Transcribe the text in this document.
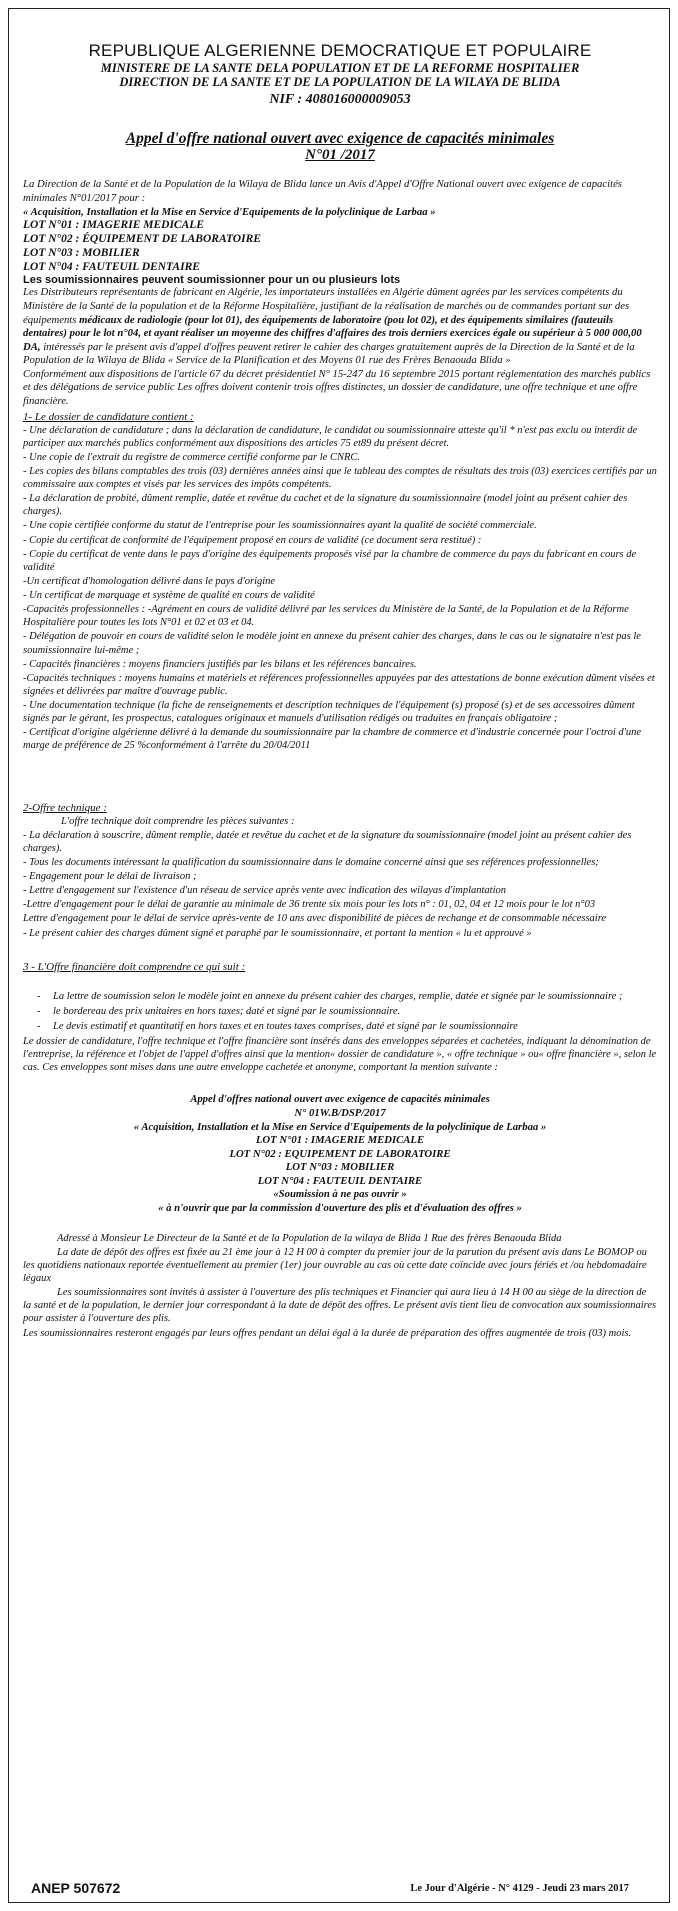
REPUBLIQUE ALGERIENNE DEMOCRATIQUE ET POPULAIRE
MINISTERE DE LA SANTE DELA POPULATION ET DE LA REFORME HOSPITALIER
DIRECTION DE LA SANTE ET DE LA POPULATION DE LA WILAYA DE BLIDA
NIF : 408016000009053
Appel d'offre national ouvert avec exigence de capacités minimales
N°01 /2017

La Direction de la Santé et de la Population de la Wilaya de Blida lance un Avis d'Appel d'Offre National ouvert avec exigence de capacités minimales N°01/2017 pour :

« Acquisition, Installation et la Mise en Service d'Equipements de la polyclinique de Larbaa »

LOT N°01 : IMAGERIE MEDICALE
LOT N°02 : ÉQUIPEMENT DE LABORATOIRE
LOT N°03 : MOBILIER
LOT N°04 : FAUTEUIL DENTAIRE
Les soumissionnaires peuvent soumissionner pour un ou plusieurs lots

Les Distributeurs représentants de fabricant en Algérie, les importateurs installées en Algérie dûment agrées par les services compétents du Ministère de la Santé de la population et de la Réforme Hospitalière, justifiant de la réalisation de marchés ou de commandes portant sur des équipements médicaux de radiologie (pour lot 01), des équipements de laboratoire (pou lot 02), et des équipements similaires (fauteuils dentaires) pour le lot n°04, et ayant réaliser un moyenne des chiffres d'affaires des trois derniers exercices égale ou supérieur à 5 000 000,00 DA, intéressés par le présent avis d'appel d'offres peuvent retirer le cahier des charges gratuitement auprès de la Direction de la Santé et de la Population de la Wilaya de Blida « Service de la Planification et des Moyens 01 rue des Frères Benaouda Blida »

Conformément aux dispositions de l'article 67 du décret présidentiel N° 15-247 du 16 septembre 2015 portant réglementation des marchés publics et des délégations de service public Les offres doivent contenir trois offres distinctes, un dossier de candidature, une offre technique et une offre financière.

1- Le dossier de candidature contient :

- Une déclaration de candidature ; dans la déclaration de candidature, le candidat ou soumissionnaire atteste qu'il * n'est pas exclu ou interdit de participer aux marchés publics conformément aux dispositions des articles 75 et89 du présent décret.

- Une copie de l'extrait du registre de commerce certifié conforme par le CNRC.

- Les copies des bilans comptables des trois (03) dernières années ainsi que le tableau des comptes de résultats des trois (03) exercices certifiés par un commissaire aux comptes et visés par les services des impôts compétents.

- La déclaration de probité, dûment remplie, datée et revêtue du cachet et de la signature du soumissionnaire (model joint au présent cahier des charges).

- Une copie certifiée conforme du statut de l'entreprise pour les soumissionnaires ayant la qualité de société commerciale.

- Copie du certificat de conformité de l'équipement proposé en cours de validité (ce document sera restitué) :

- Copie du certificat de vente dans le pays d'origine des équipements proposés visé par la chambre de commerce du pays du fabricant en cours de validité

-Un certificat d'homologation délivré dans le pays d'origine

- Un certificat de marquage et système de qualité en cours de validité

-Capacités professionnelles : -Agrément en cours de validité délivré par les services du Ministère de la Santé, de la Population et de la Réforme Hospitalière pour toutes les lots N°01 et 02 et 03 et 04.

- Délégation de pouvoir en cours de validité selon le modèle joint en annexe du présent cahier des charges, dans le cas ou le signataire n'est pas le soumissionnaire lui-même ;

- Capacités financières : moyens financiers justifiés par les bilans et les références bancaires.

-Capacités techniques : moyens humains et matériels et références professionnelles appuyées par des attestations de bonne exécution dûment visées et signées et délivrées par maître d'ouvrage public.

- Une documentation technique (la fiche de renseignements et description techniques de l'équipement (s) proposé (s) et de ses accessoires dûment signés par le gérant, les prospectus, catalogues originaux et manuels d'utilisation rédigés ou traduites en français obligatoire ;

- Certificat d'origine algérienne délivré à la demande du soumissionnaire par la chambre de commerce et d'industrie concernée pour l'octroi d'une marge de préférence de 25 %conformément à l'arrête du 20/04/2011

2-Offre technique :

L'offre technique doit comprendre les pièces suivantes :

- La déclaration à souscrire, dûment remplie, datée et revêtue du cachet et de la signature du soumissionnaire (model joint au présent cahier des charges).

- Tous les documents intéressant la qualification du soumissionnaire dans le domaine concerné ainsi que ses références professionnelles;

- Engagement pour le délai de livraison ;

- Lettre d'engagement sur l'existence d'un réseau de service après vente avec indication des wilayas d'implantation

-Lettre d'engagement pour le délai de garantie au minimale de 36 trente six mois pour les lots n° : 01, 02, 04 et 12 mois pour le lot n°03

Lettre d'engagement pour le délai de service après-vente de 10 ans avec disponibilité de pièces de rechange et de consommable nécessaire

- Le présent cahier des charges dûment signé et paraphé par le soumissionnaire, et portant la mention « lu et approuvé »

3 - L'Offre financière doit comprendre ce qui suit :

- La lettre de soumission selon le modèle joint en annexe du présent cahier des charges, remplie, datée et signée par le soumissionnaire ;

- le bordereau des prix unitaires en hors taxes; daté et signé par le soumissionnaire.

- Le devis estimatif et quantitatif en hors taxes et en toutes taxes comprises, daté et signé par le soumissionnaire

Le dossier de candidature, l'offre technique et l'offre financière sont insérés dans des enveloppes séparées et cachetées, indiquant la dénomination de l'entreprise, la référence et l'objet de l'appel d'offres ainsi que la mention« dossier de candidature », « offre technique » ou« offre financière », selon le cas. Ces enveloppes sont mises dans une autre enveloppe cachetée et anonyme, comportant la mention suivante :

Appel d'offres national ouvert avec exigence de capacités minimales

N° 01W.B/DSP/2017

« Acquisition, Installation et la Mise en Service d'Equipements de la polyclinique de Larbaa »

LOT N°01 : IMAGERIE MEDICALE

LOT N°02 : EQUIPEMENT DE LABORATOIRE

LOT N°03 : MOBILIER

LOT N°04 : FAUTEUIL DENTAIRE

«Soumission à ne pas ouvrir »

« à n'ouvrir que par la commission d'ouverture des plis et d'évaluation des offres »

Adressé à Monsieur Le Directeur de la Santé et de la Population de la wilaya de Blida 1 Rue des frères Benaouda Blida

La date de dépôt des offres est fixée au 21 ème jour à 12 H 00 à compter du premier jour de la parution du présent avis dans Le BOMOP ou les quotidiens nationaux reportée éventuellement au premier (1er) jour ouvrable au cas où cette date coïncide avec jours fériés et /ou hebdomadaire légaux

Les soumissionnaires sont invités à assister à l'ouverture des plis techniques et Financier qui aura lieu à 14 H 00 au siège de la direction de la santé et de la population, le dernier jour correspondant à la date de dépôt des offres. Le présent avis tient lieu de convocation aux soumissionnaires pour assister à l'ouverture des plis.

Les soumissionnaires resteront engagés par leurs offres pendant un délai égal à la durée de préparation des offres augmentée de trois (03) mois.

ANEP 507672	Le Jour d'Algérie - N° 4129 - Jeudi 23 mars 2017
